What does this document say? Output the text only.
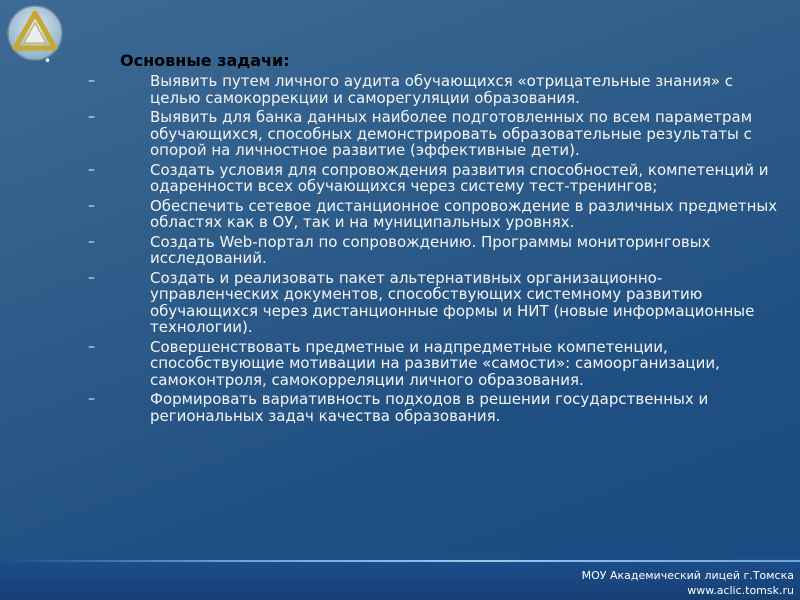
•	Основные задачи:
–	Выявить путем личного аудита обучающихся «отрицательные знания» с целью самокоррекции и саморегуляции образования.
–	Выявить для банка данных наиболее подготовленных по всем параметрам обучающихся, способных демонстрировать образовательные результаты с опорой на личностное развитие (эффективные дети).
–	Создать условия для сопровождения развития способностей, компетенций и одаренности всех обучающихся через систему тест-тренингов;
–	Обеспечить сетевое дистанционное сопровождение в различных предметных областях как в ОУ, так и на муниципальных уровнях.
–	Создать Web-портал по сопровождению. Программы мониторинговых исследований.
–	Создать и реализовать пакет альтернативных организационно-управленческих документов, способствующих системному развитию обучающихся через дистанционные формы и НИТ (новые информационные технологии).
–	Совершенствовать предметные и надпредметные компетенции, способствующие мотивации на развитие «самости»: самоорганизации, самоконтроля, самокорреляции личного образования.
–	Формировать вариативность подходов в решении государственных и региональных задач качества образования.
МОУ Академический лицей г.Томска
www.aclic.tomsk.ru
